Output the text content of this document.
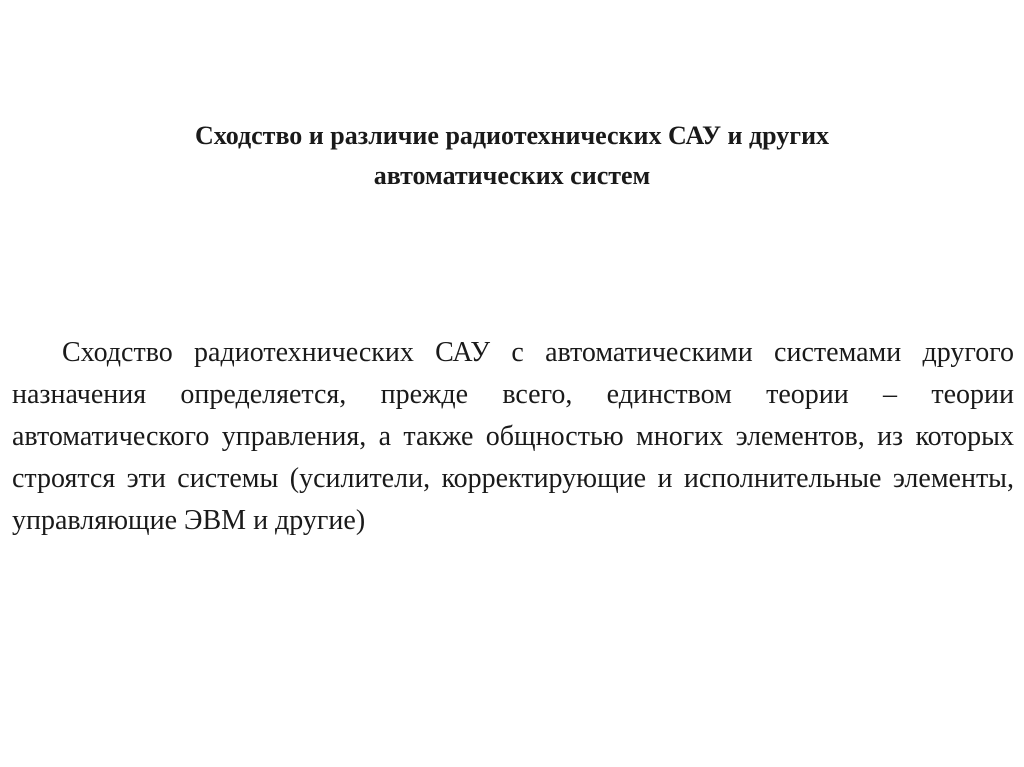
Сходство и различие радиотехнических САУ и других
автоматических систем

Сходство радиотехнических САУ с автоматическими системами другого назначения определяется, прежде всего, единством теории – теории автоматического управления, а также общностью многих элементов, из которых строятся эти системы (усилители, корректирующие и исполнительные элементы, управляющие ЭВМ и другие)
